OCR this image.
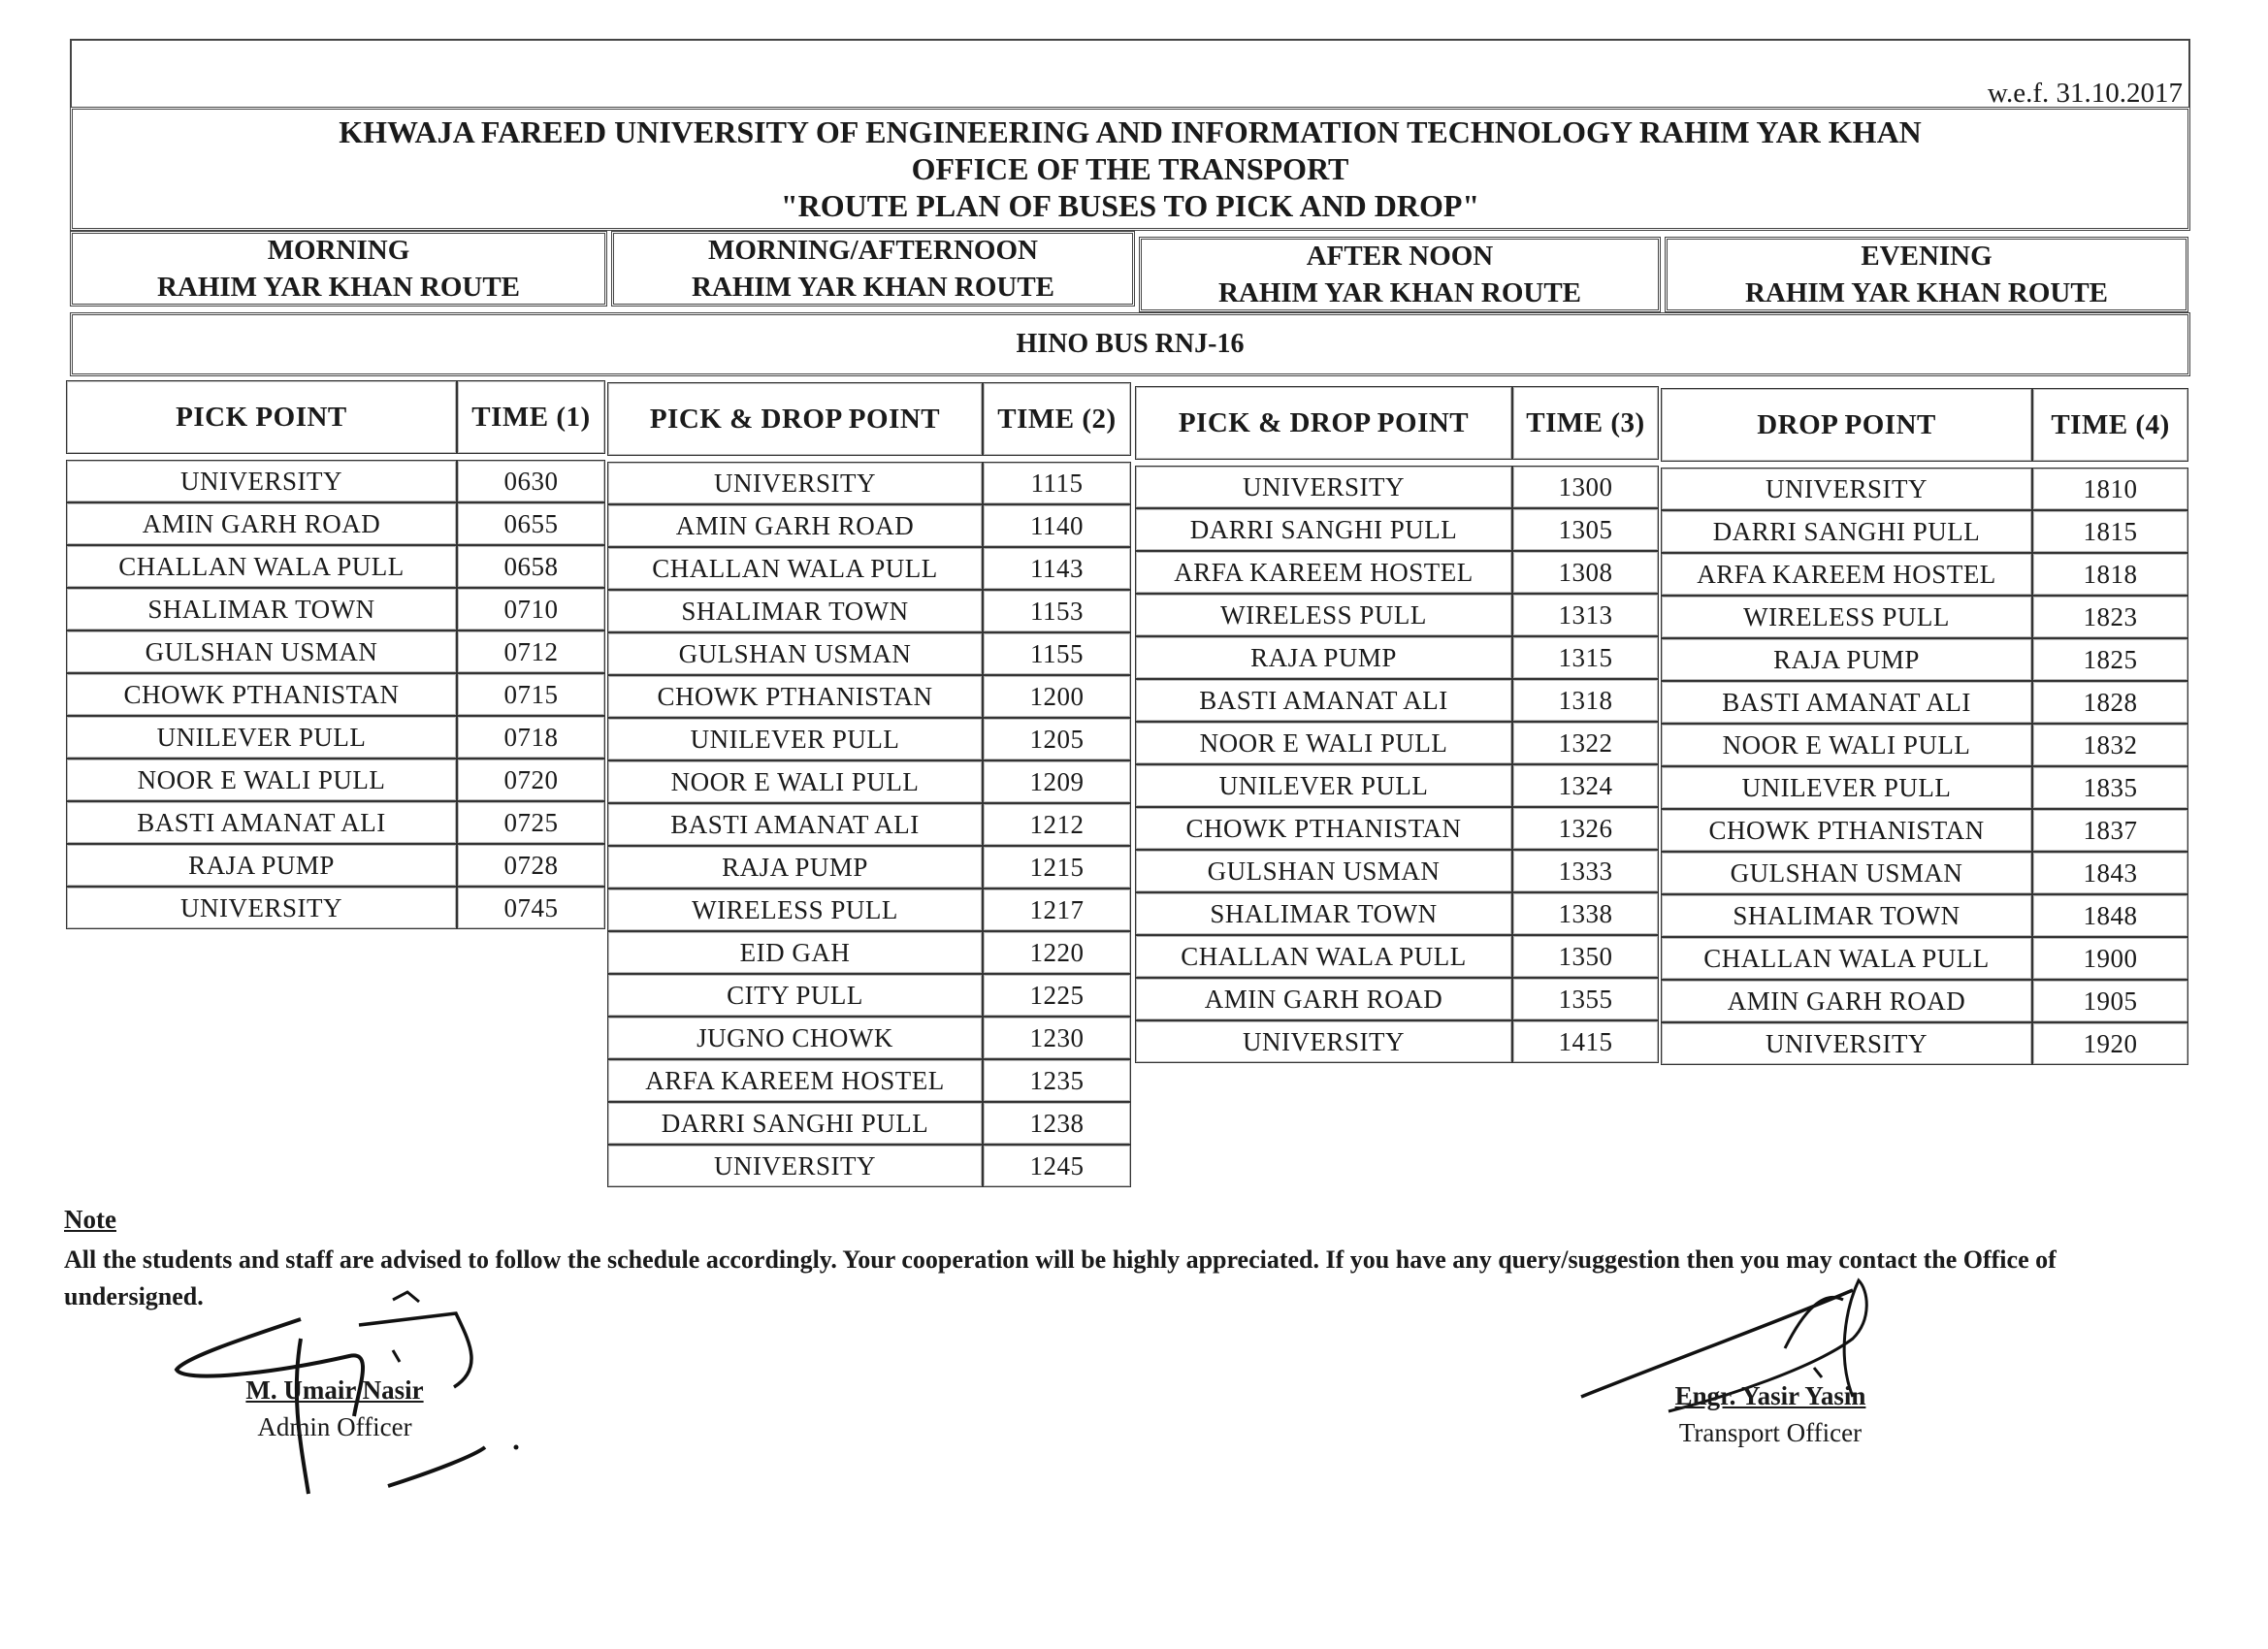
w.e.f. 31.10.2017
KHWAJA FAREED UNIVERSITY OF ENGINEERING AND INFORMATION TECHNOLOGY RAHIM YAR KHAN
OFFICE OF THE TRANSPORT
"ROUTE PLAN OF BUSES TO PICK AND DROP"
MORNING
RAHIM YAR KHAN ROUTE
MORNING/AFTERNOON
RAHIM YAR KHAN ROUTE
AFTER NOON
RAHIM YAR KHAN ROUTE
EVENING
RAHIM YAR KHAN ROUTE
HINO BUS RNJ-16
PICK POINT	TIME (1)

UNIVERSITY	0630
AMIN GARH ROAD	0655
CHALLAN WALA PULL	0658
SHALIMAR TOWN	0710
GULSHAN USMAN	0712
CHOWK PTHANISTAN	0715
UNILEVER PULL	0718
NOOR E WALI PULL	0720
BASTI AMANAT ALI	0725
RAJA PUMP	0728
UNIVERSITY	0745
PICK & DROP POINT	TIME (2)

UNIVERSITY	1115
AMIN GARH ROAD	1140
CHALLAN WALA PULL	1143
SHALIMAR TOWN	1153
GULSHAN USMAN	1155
CHOWK PTHANISTAN	1200
UNILEVER PULL	1205
NOOR E WALI PULL	1209
BASTI AMANAT ALI	1212
RAJA PUMP	1215
WIRELESS PULL	1217
EID GAH	1220
CITY PULL	1225
JUGNO CHOWK	1230
ARFA KAREEM HOSTEL	1235
DARRI SANGHI PULL	1238
UNIVERSITY	1245
PICK & DROP POINT	TIME (3)

UNIVERSITY	1300
DARRI SANGHI PULL	1305
ARFA KAREEM HOSTEL	1308
WIRELESS PULL	1313
RAJA PUMP	1315
BASTI AMANAT ALI	1318
NOOR E WALI PULL	1322
UNILEVER PULL	1324
CHOWK PTHANISTAN	1326
GULSHAN USMAN	1333
SHALIMAR TOWN	1338
CHALLAN WALA PULL	1350
AMIN GARH ROAD	1355
UNIVERSITY	1415
DROP POINT	TIME (4)

UNIVERSITY	1810
DARRI SANGHI PULL	1815
ARFA KAREEM HOSTEL	1818
WIRELESS PULL	1823
RAJA PUMP	1825
BASTI AMANAT ALI	1828
NOOR E WALI PULL	1832
UNILEVER PULL	1835
CHOWK PTHANISTAN	1837
GULSHAN USMAN	1843
SHALIMAR TOWN	1848
CHALLAN WALA PULL	1900
AMIN GARH ROAD	1905
UNIVERSITY	1920
Note
All the students and staff are advised to follow the schedule accordingly. Your cooperation will be highly appreciated. If you have any query/suggestion then you may contact the Office of undersigned.
M. Umair Nasir
Admin Officer
Engr. Yasir Yasin
Transport Officer
